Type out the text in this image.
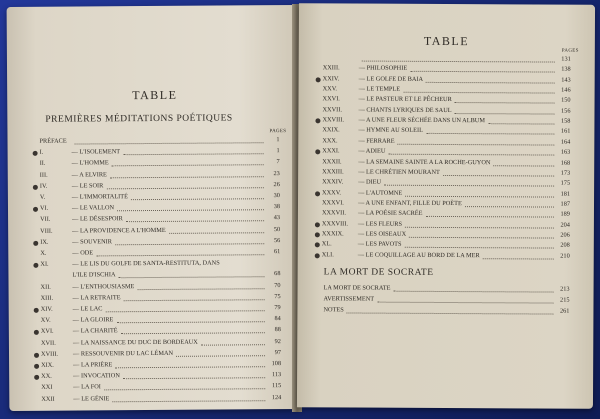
TABLE
PREMIÈRES MÉDITATIONS POÉTIQUES
PAGES
PRÉFACE	1
I.	— L'ISOLEMENT	1
II.	— L'HOMME	7
III.	— A ELVIRE	23
IV.	— LE SOIR	26
V.	— L'IMMORTALITÉ	30
VI.	— LE VALLON	38
VII.	— LE DÉSESPOIR	43
VIII.	— LA PROVIDENCE A L'HOMME	50
IX.	— SOUVENIR	56
X.	— ODE	61
XI.	— LE LIS DU GOLFE DE SANTA-RESTITUTA, DANS
L'ILE D'ISCHIA	68
XII.	— L'ENTHOUSIASME	70
XIII.	— LA RETRAITE	75
XIV.	— LE LAC	79
XV.	— LA GLOIRE	84
XVI.	— LA CHARITÉ	88
XVII.	— LA NAISSANCE DU DUC DE BORDEAUX	92
XVIII.	— RESSOUVENIR DU LAC LÉMAN	97
XIX.	— LA PRIÈRE	108
XX.	— INVOCATION	113
XXI	— LA FOI	115
XXII	— LE GÉNIE	124
TABLE
PAGES
131
XXIII.	— PHILOSOPHIE	138
XXIV.	— LE GOLFE DE BAIA	143
XXV.	— LE TEMPLE	146
XXVI.	— LE PASTEUR ET LE PÊCHEUR	150
XXVII.	— CHANTS LYRIQUES DE SAUL	156
XXVIII.	— A UNE FLEUR SÉCHÉE DANS UN ALBUM	158
XXIX.	— HYMNE AU SOLEIL	161
XXX.	— FERRARE	164
XXXI.	— ADIEU	163
XXXII.	— LA SEMAINE SAINTE A LA ROCHE-GUYON	168
XXXIII.	— LE CHRÉTIEN MOURANT	173
XXXIV.	— DIEU	175
XXXV.	— L'AUTOMNE	181
XXXVI.	— A UNE ENFANT, FILLE DU POÈTE	187
XXXVII.	— LA POÉSIE SACRÉE	189
XXXVIII.	— LES FLEURS	204
XXXIX.	— LES OISEAUX	206
XL.	— LES PAVOTS	208
XLI.	— LE COQUILLAGE AU BORD DE LA MER	210
LA MORT DE SOCRATE
LA MORT DE SOCRATE	213
AVERTISSEMENT	215
NOTES	261
